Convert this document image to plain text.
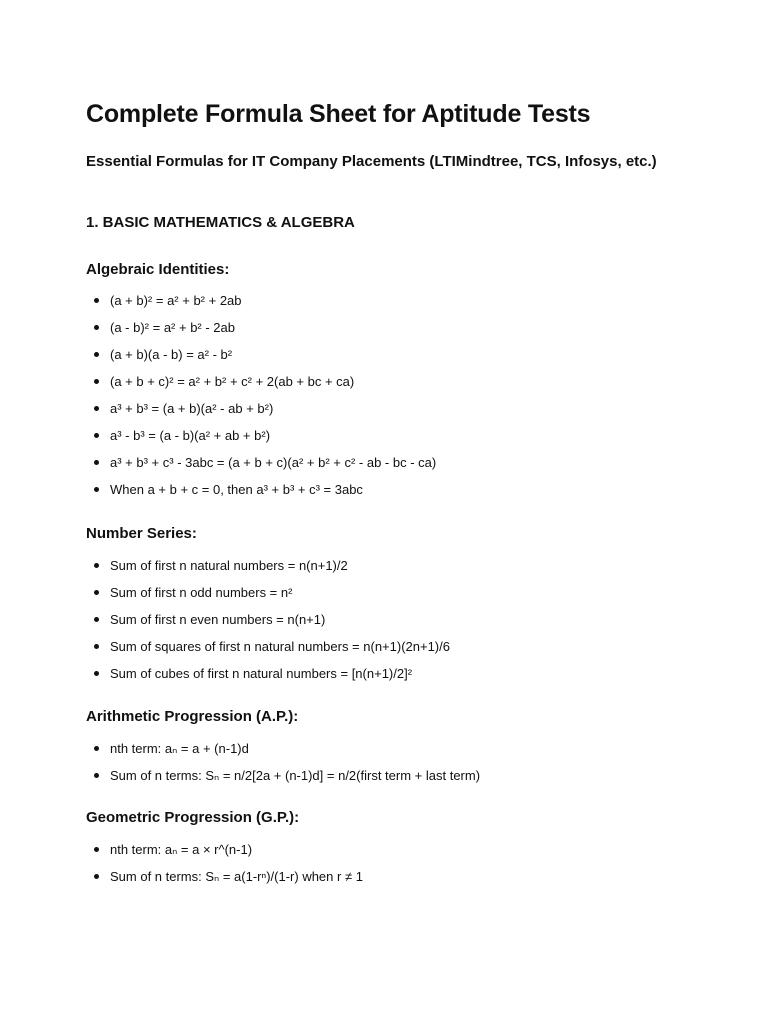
Complete Formula Sheet for Aptitude Tests
Essential Formulas for IT Company Placements (LTIMindtree, TCS, Infosys, etc.)
1. BASIC MATHEMATICS & ALGEBRA
Algebraic Identities:
(a + b)² = a² + b² + 2ab
(a - b)² = a² + b² - 2ab
(a + b)(a - b) = a² - b²
(a + b + c)² = a² + b² + c² + 2(ab + bc + ca)
a³ + b³ = (a + b)(a² - ab + b²)
a³ - b³ = (a - b)(a² + ab + b²)
a³ + b³ + c³ - 3abc = (a + b + c)(a² + b² + c² - ab - bc - ca)
When a + b + c = 0, then a³ + b³ + c³ = 3abc
Number Series:
Sum of first n natural numbers = n(n+1)/2
Sum of first n odd numbers = n²
Sum of first n even numbers = n(n+1)
Sum of squares of first n natural numbers = n(n+1)(2n+1)/6
Sum of cubes of first n natural numbers = [n(n+1)/2]²
Arithmetic Progression (A.P.):
nth term: aₙ = a + (n-1)d
Sum of n terms: Sₙ = n/2[2a + (n-1)d] = n/2(first term + last term)
Geometric Progression (G.P.):
nth term: aₙ = a × r^(n-1)
Sum of n terms: Sₙ = a(1-rⁿ)/(1-r) when r ≠ 1
